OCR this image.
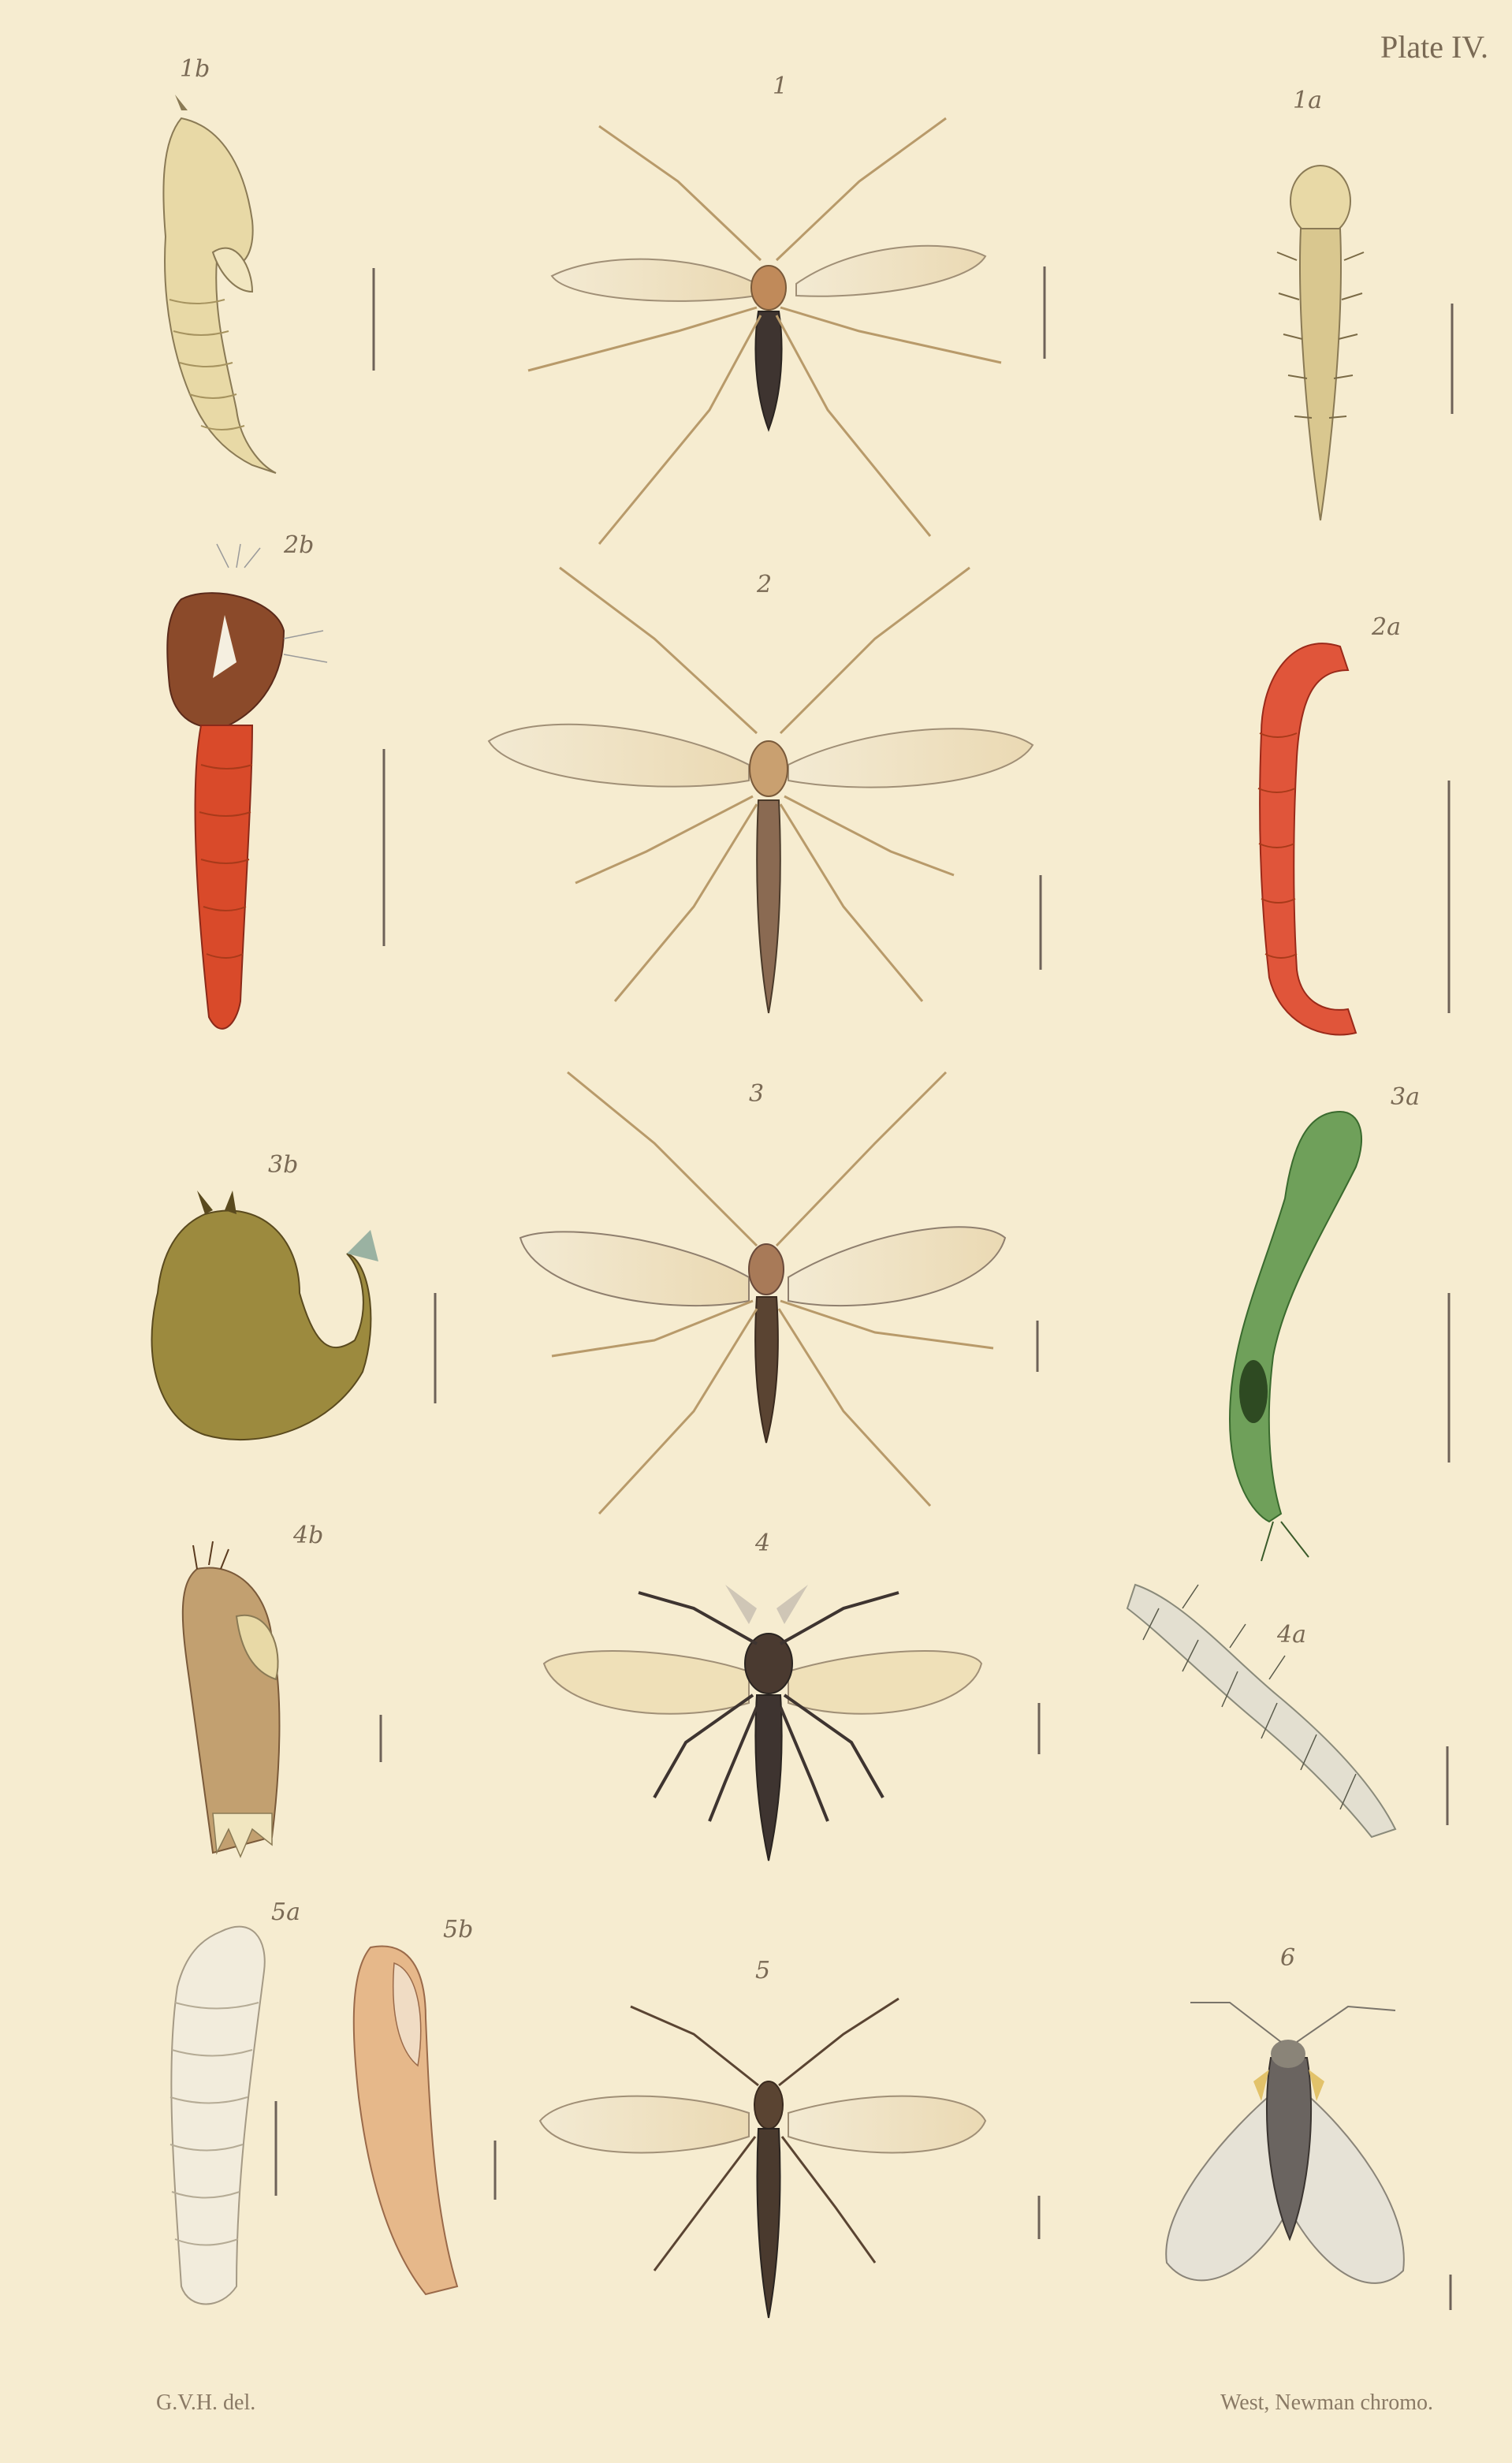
Plate IV.
1b
1
1a
2b
2
2a
3b
3	3a
4b	4
4a
5a
5b
5	6
G.V.H. del.	West, Newman chromo.
